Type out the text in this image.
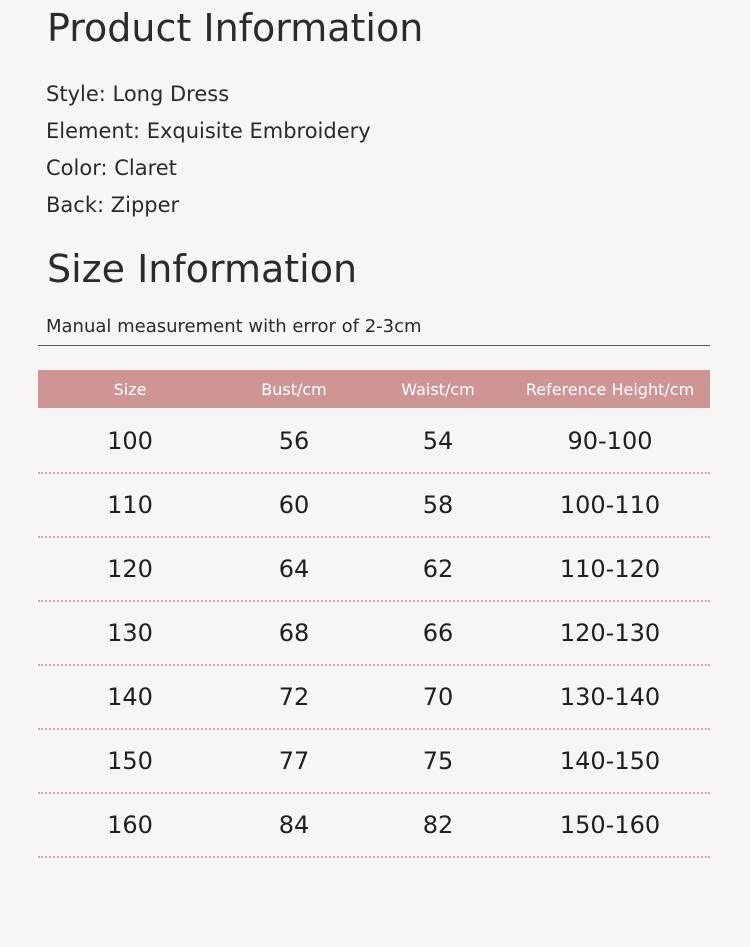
Product Information
Style: Long Dress
Element: Exquisite Embroidery
Color: Claret
Back: Zipper
Size Information
Manual measurement with error of 2-3cm
Size	Bust/cm	Waist/cm	Reference Height/cm
100	56	54	90-100
110	60	58	100-110
120	64	62	110-120
130	68	66	120-130
140	72	70	130-140
150	77	75	140-150
160	84	82	150-160
